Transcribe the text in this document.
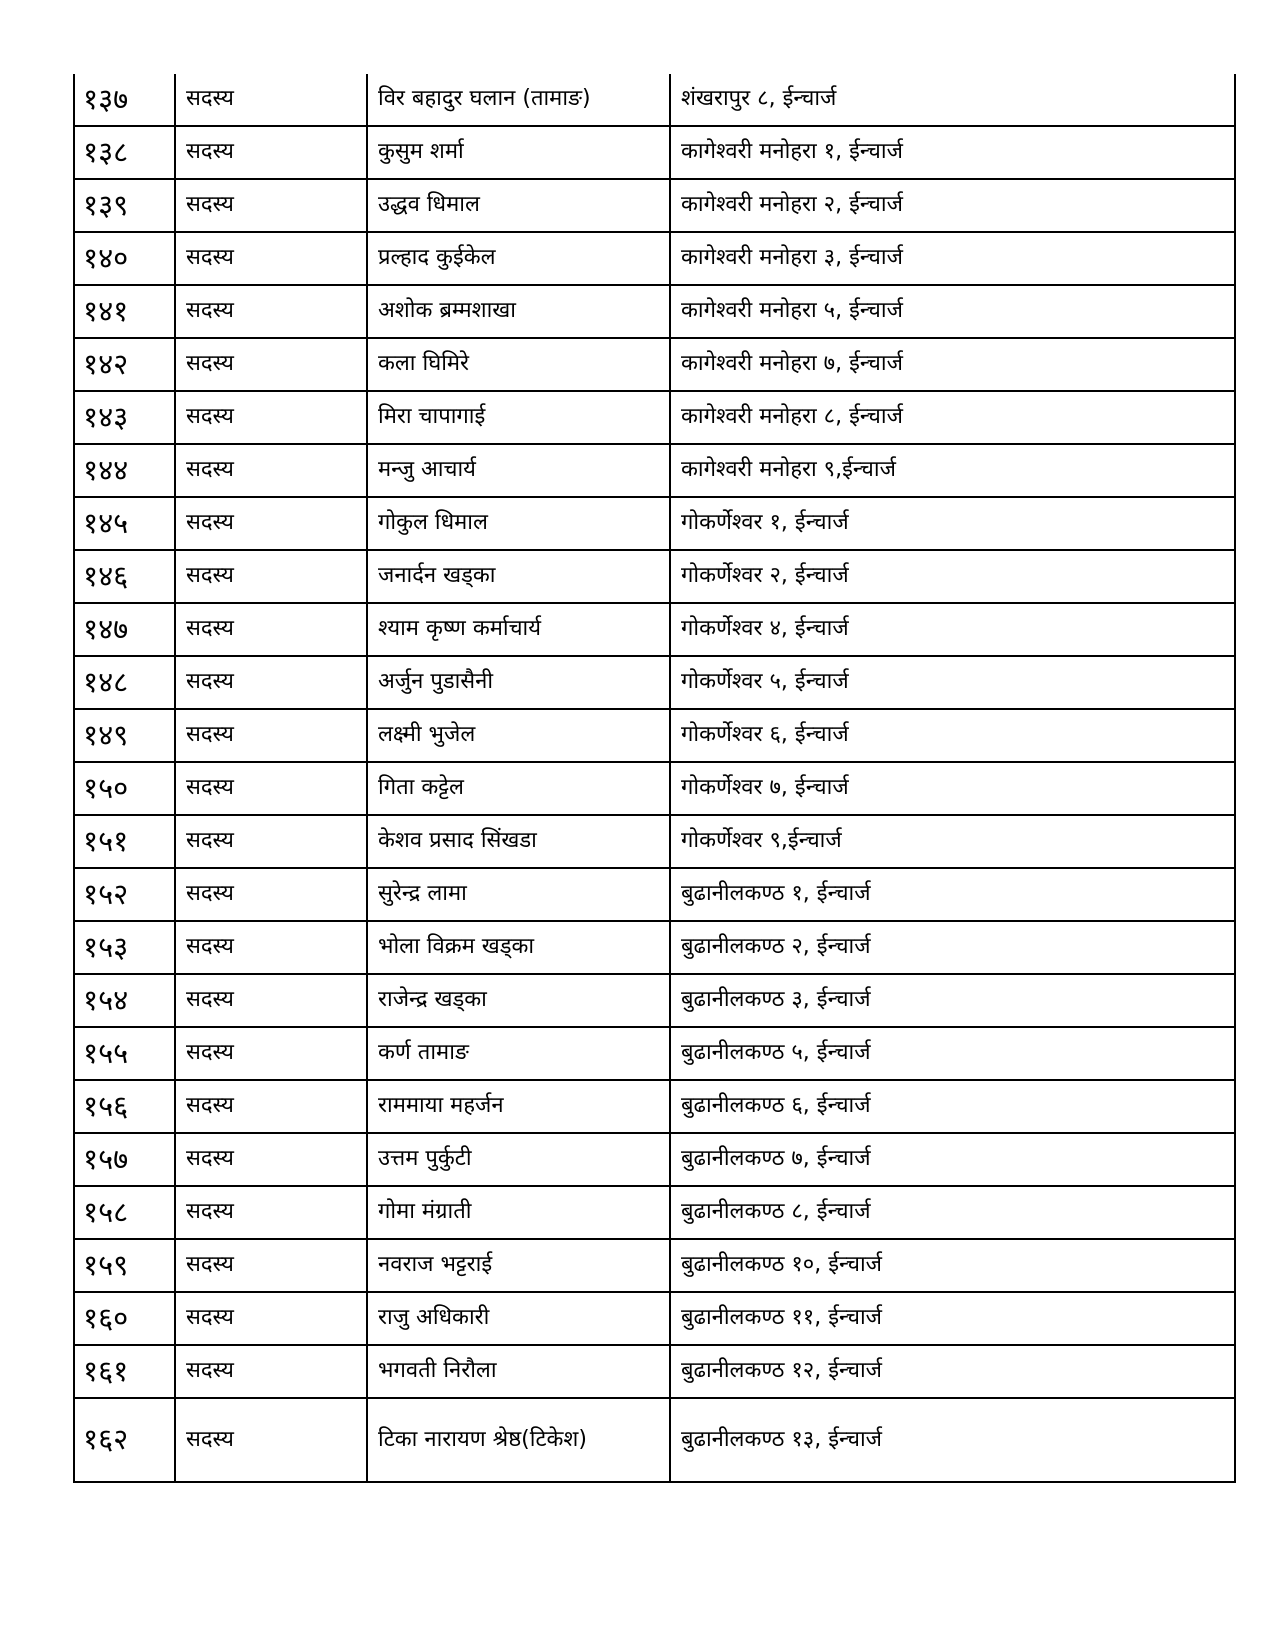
१३७	सदस्य	विर बहादुर घलान (तामाङ)	शंखरापुर ८, ईन्चार्ज
१३८	सदस्य	कुसुम शर्मा	कागेश्वरी मनोहरा १, ईन्चार्ज
१३९	सदस्य	उद्धव धिमाल	कागेश्वरी मनोहरा २, ईन्चार्ज
१४०	सदस्य	प्रल्हाद कुईकेल	कागेश्वरी मनोहरा ३, ईन्चार्ज
१४१	सदस्य	अशोक ब्रम्मशाखा	कागेश्वरी मनोहरा ५, ईन्चार्ज
१४२	सदस्य	कला घिमिरे	कागेश्वरी मनोहरा ७, ईन्चार्ज
१४३	सदस्य	मिरा चापागाई	कागेश्वरी मनोहरा ८, ईन्चार्ज
१४४	सदस्य	मन्जु आचार्य	कागेश्वरी मनोहरा ९,ईन्चार्ज
१४५	सदस्य	गोकुल धिमाल	गोकर्णेश्वर १, ईन्चार्ज
१४६	सदस्य	जनार्दन खड्का	गोकर्णेश्वर २, ईन्चार्ज
१४७	सदस्य	श्याम कृष्ण कर्माचार्य	गोकर्णेश्वर ४, ईन्चार्ज
१४८	सदस्य	अर्जुन पुडासैनी	गोकर्णेश्वर ५, ईन्चार्ज
१४९	सदस्य	लक्ष्मी भुजेल	गोकर्णेश्वर ६, ईन्चार्ज
१५०	सदस्य	गिता कट्टेल	गोकर्णेश्वर ७, ईन्चार्ज
१५१	सदस्य	केशव प्रसाद सिंखडा	गोकर्णेश्वर ९,ईन्चार्ज
१५२	सदस्य	सुरेन्द्र लामा	बुढानीलकण्ठ १, ईन्चार्ज
१५३	सदस्य	भोला विक्रम खड्का	बुढानीलकण्ठ २, ईन्चार्ज
१५४	सदस्य	राजेन्द्र खड्का	बुढानीलकण्ठ ३, ईन्चार्ज
१५५	सदस्य	कर्ण तामाङ	बुढानीलकण्ठ ५, ईन्चार्ज
१५६	सदस्य	राममाया महर्जन	बुढानीलकण्ठ ६, ईन्चार्ज
१५७	सदस्य	उत्तम पुर्कुटी	बुढानीलकण्ठ ७, ईन्चार्ज
१५८	सदस्य	गोमा मंग्राती	बुढानीलकण्ठ ८, ईन्चार्ज
१५९	सदस्य	नवराज भट्टराई	बुढानीलकण्ठ १०, ईन्चार्ज
१६०	सदस्य	राजु अधिकारी	बुढानीलकण्ठ ११, ईन्चार्ज
१६१	सदस्य	भगवती निरौला	बुढानीलकण्ठ १२, ईन्चार्ज
१६२	सदस्य	टिका नारायण श्रेष्ठ(टिकेश)	बुढानीलकण्ठ १३, ईन्चार्ज
